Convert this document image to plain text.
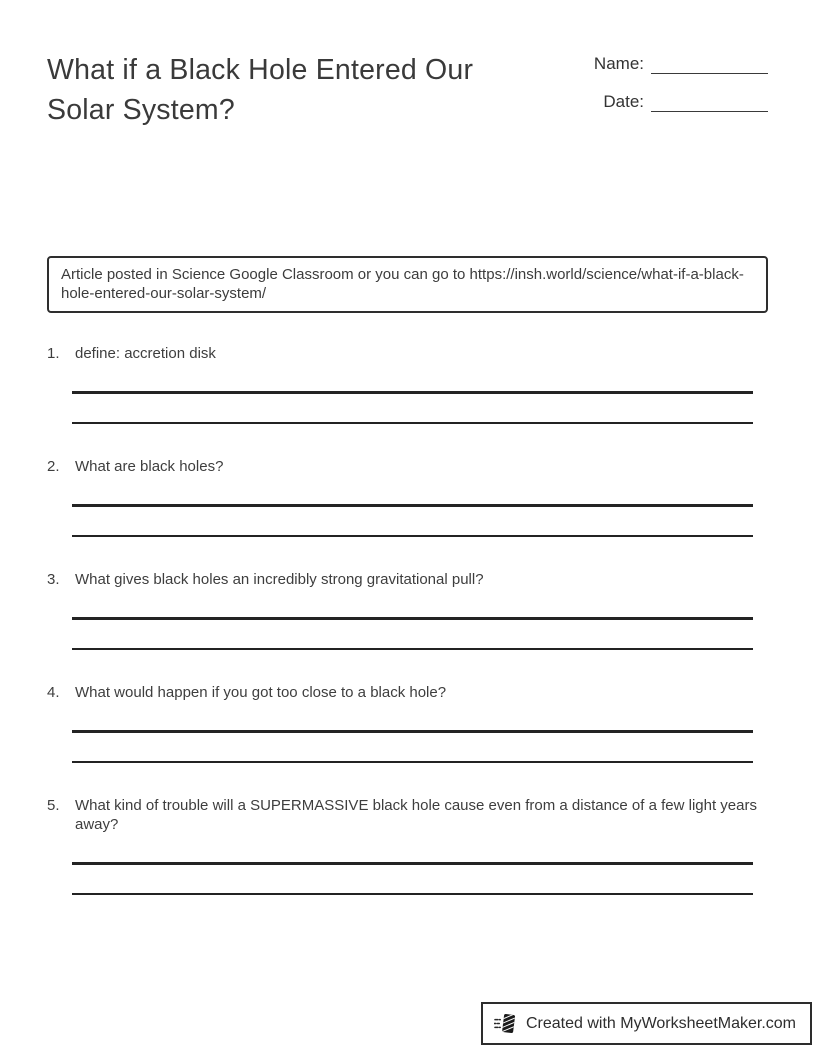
What if a Black Hole Entered Our Solar System?
Name:
Date:

Article posted in Science Google Classroom or you can go to https://insh.world/science/what-if-a-black-hole-entered-our-solar-system/

1.	define: accretion disk
2.	What are black holes?
3.	What gives black holes an incredibly strong gravitational pull?
4.	What would happen if you got too close to a black hole?
5.	What kind of trouble will a SUPERMASSIVE black hole cause even from a distance of a few light years away?
Created with MyWorksheetMaker.com
